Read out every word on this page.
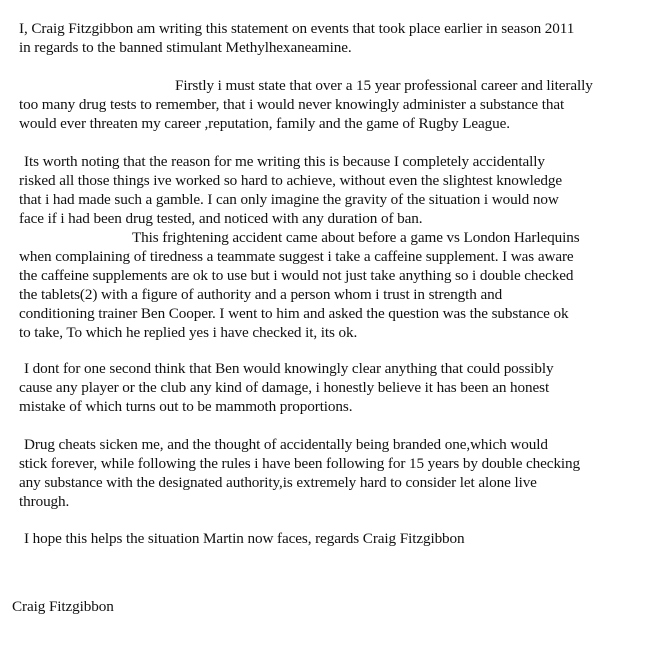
I, Craig Fitzgibbon am writing this statement on events that took place earlier in season 2011
in regards to the banned stimulant Methylhexaneamine.
Firstly i must state that over a 15 year professional career and literally
too many drug tests to remember, that i would never knowingly administer a substance that
would ever threaten my career ,reputation, family and the game of Rugby League.
Its worth noting that the reason for me writing this is because I completely accidentally
risked all those things ive worked so hard to achieve, without even the slightest knowledge
that i had made such a gamble. I can only imagine the gravity of the situation i would now
face if i had been drug tested, and noticed with any duration of ban.
This frightening accident came about before a game vs London Harlequins
when complaining of tiredness a teammate suggest i take a caffeine supplement. I was aware
the caffeine supplements are ok to use but i would not just take anything so i double checked
the tablets(2) with a figure of authority and a person whom i trust in strength and
conditioning trainer Ben Cooper. I went to him and asked the question was the substance ok
to take, To which he replied yes i have checked it, its ok.
I dont for one second think that Ben would knowingly clear anything that could possibly
cause any player or the club any kind of damage, i honestly believe it has been an honest
mistake of which turns out to be mammoth proportions.
Drug cheats sicken me, and the thought of accidentally being branded one,which would
stick forever, while following the rules i have been following for 15 years by double checking
any substance with the designated authority,is extremely hard to consider let alone live
through.
I hope this helps the situation Martin now faces, regards Craig Fitzgibbon
Craig Fitzgibbon
